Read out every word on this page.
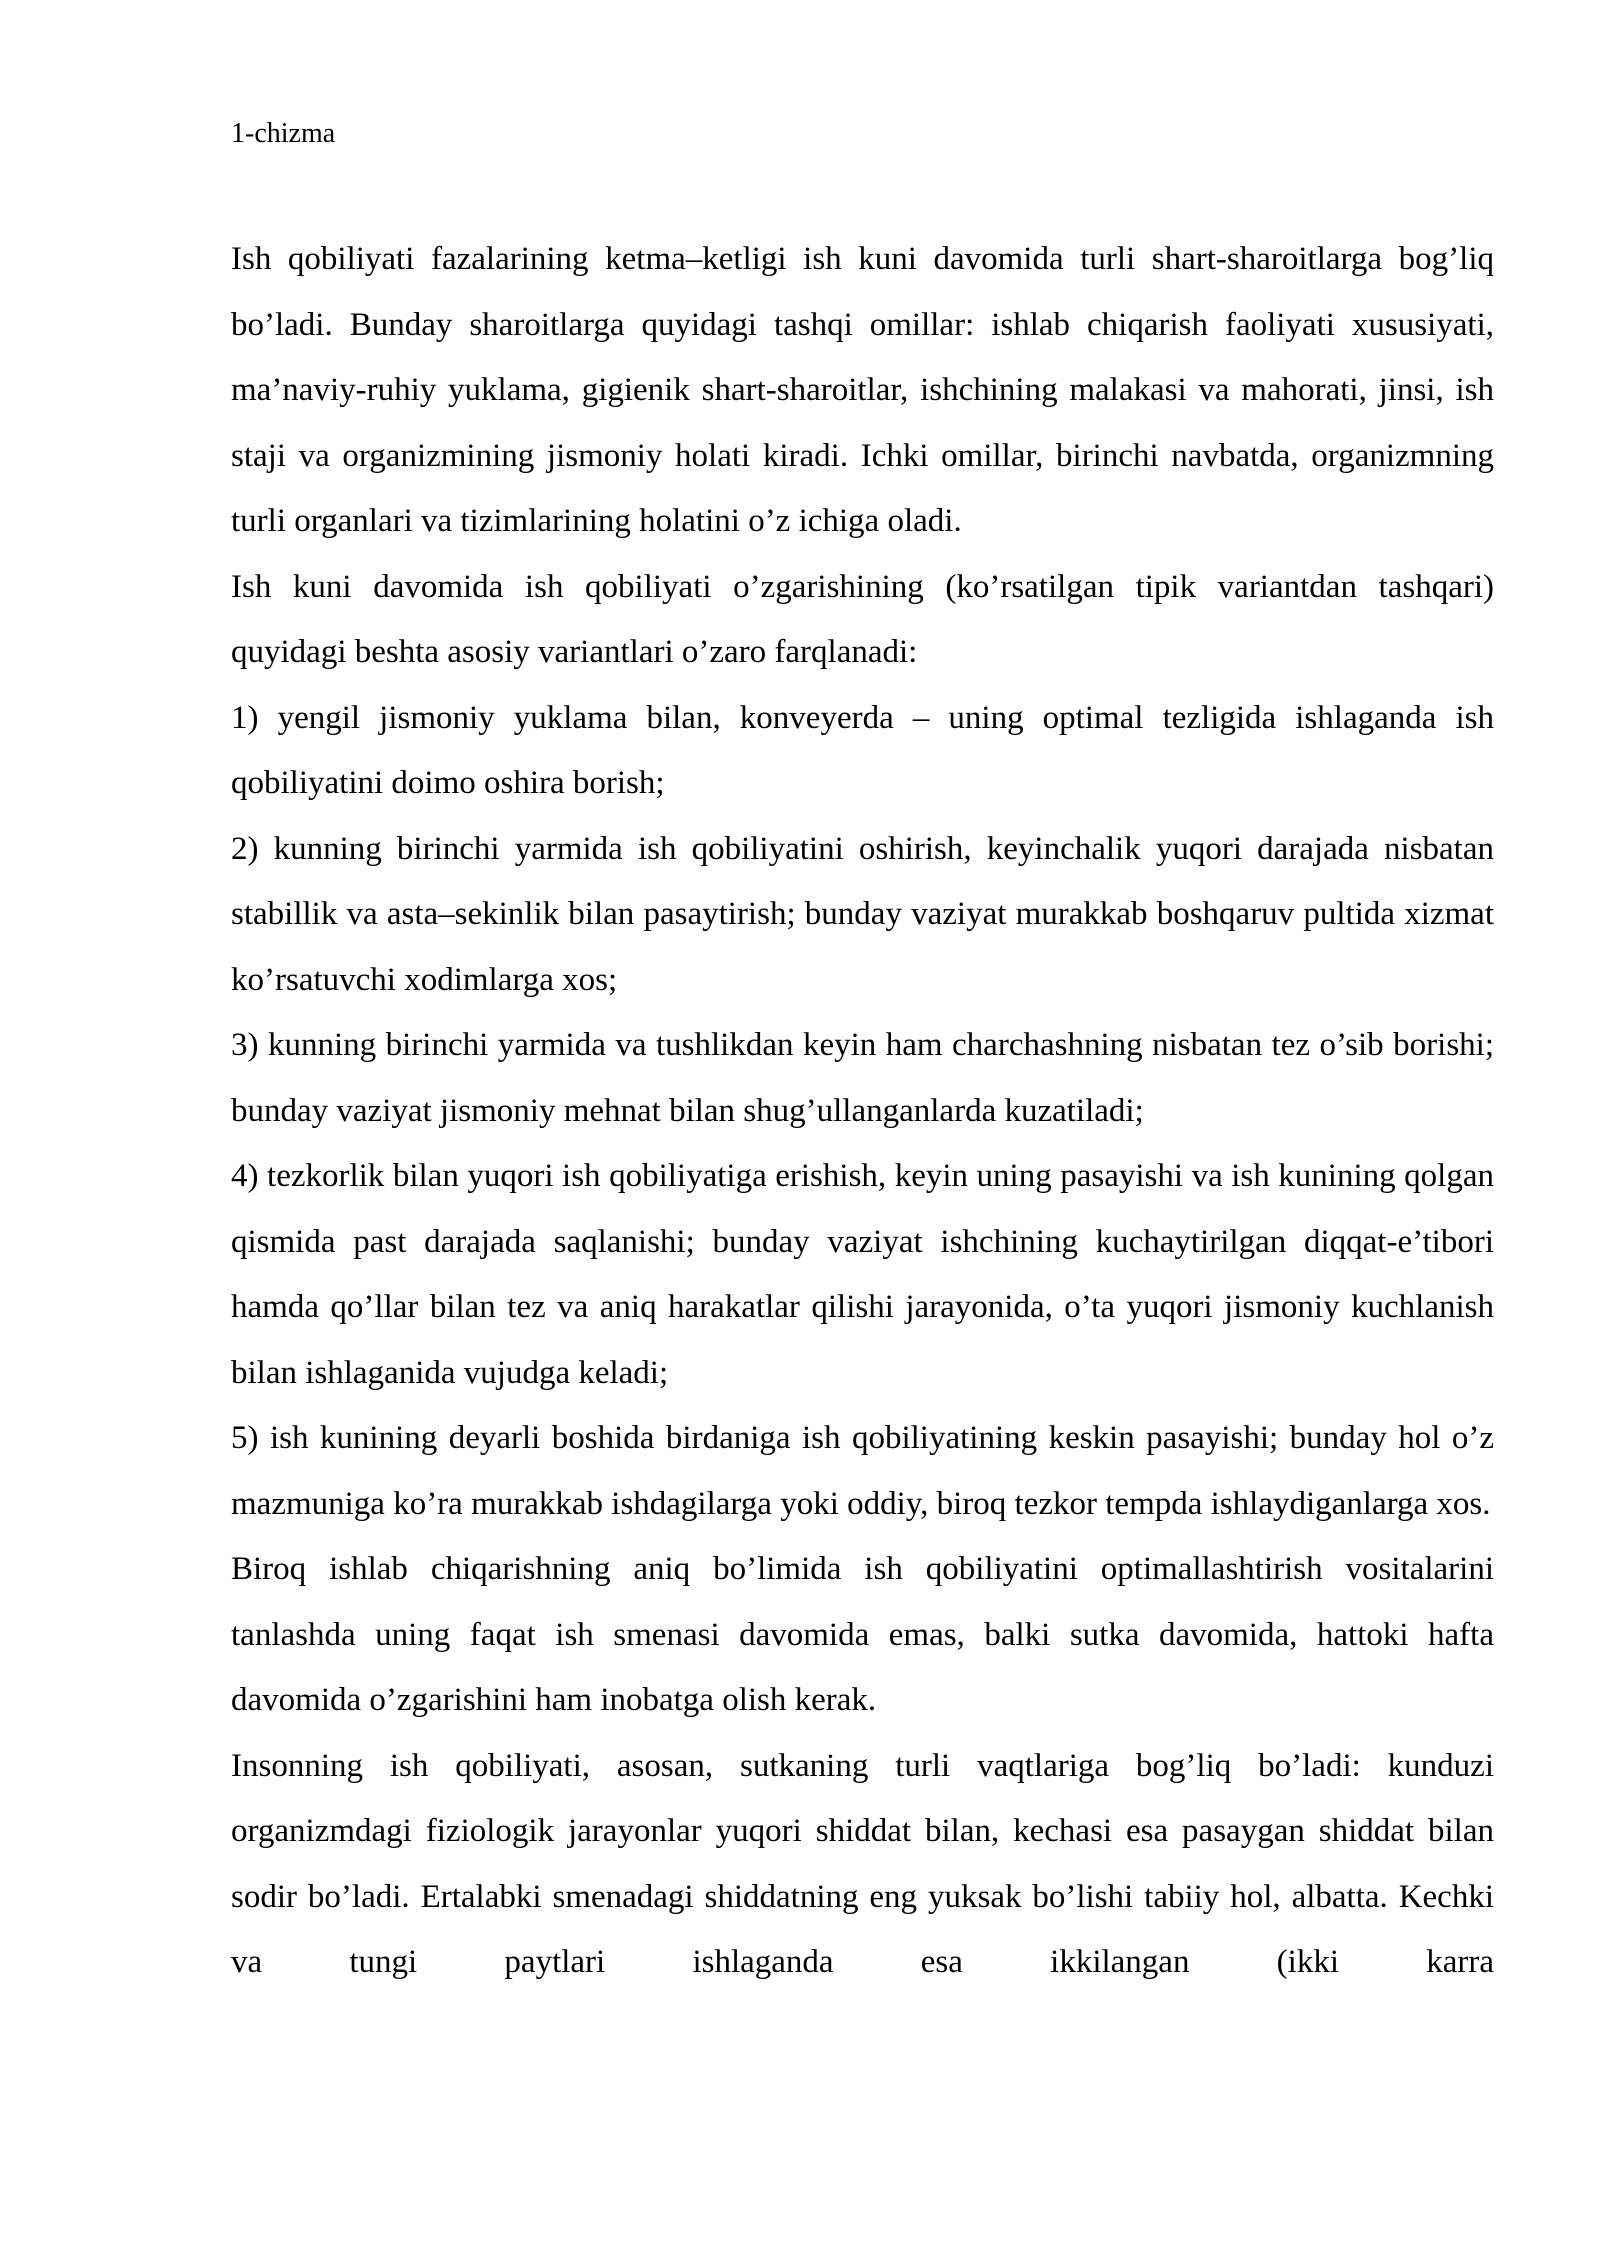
1-chizma

Ish qobiliyati fazalarining ketma–ketligi ish kuni davomida turli shart-sharoitlarga bog’liq bo’ladi. Bunday sharoitlarga quyidagi tashqi omillar: ishlab chiqarish faoliyati xususiyati, ma’naviy-ruhiy yuklama, gigienik shart-sharoitlar, ishchining malakasi va mahorati, jinsi, ish staji va organizmining jismoniy holati kiradi. Ichki omillar, birinchi navbatda, organizmning turli organlari va tizimlarining holatini o’z ichiga oladi.

Ish kuni davomida ish qobiliyati o’zgarishining (ko’rsatilgan tipik variantdan tashqari) quyidagi beshta asosiy variantlari o’zaro farqlanadi:

1) yengil jismoniy yuklama bilan, konveyerda – uning optimal tezligida ishlaganda ish qobiliyatini doimo oshira borish;

2) kunning birinchi yarmida ish qobiliyatini oshirish, keyinchalik yuqori darajada nisbatan stabillik va asta–sekinlik bilan pasaytirish; bunday vaziyat murakkab boshqaruv pultida xizmat ko’rsatuvchi xodimlarga xos;

3) kunning birinchi yarmida va tushlikdan keyin ham charchashning nisbatan tez o’sib borishi; bunday vaziyat jismoniy mehnat bilan shug’ullanganlarda kuzatiladi;

4) tezkorlik bilan yuqori ish qobiliyatiga erishish, keyin uning pasayishi va ish kunining qolgan qismida past darajada saqlanishi; bunday vaziyat ishchining kuchaytirilgan diqqat-e’tibori hamda qo’llar bilan tez va aniq harakatlar qilishi jarayonida, o’ta yuqori jismoniy kuchlanish bilan ishlaganida vujudga keladi;

5) ish kunining deyarli boshida birdaniga ish qobiliyatining keskin pasayishi; bunday hol o’z mazmuniga ko’ra murakkab ishdagilarga yoki oddiy, biroq tezkor tempda ishlaydiganlarga xos.

Biroq ishlab chiqarishning aniq bo’limida ish qobiliyatini optimallashtirish vositalarini tanlashda uning faqat ish smenasi davomida emas, balki sutka davomida, hattoki hafta davomida o’zgarishini ham inobatga olish kerak.

Insonning ish qobiliyati, asosan, sutkaning turli vaqtlariga bog’liq bo’ladi: kunduzi organizmdagi fiziologik jarayonlar yuqori shiddat bilan, kechasi esa pasaygan shiddat bilan sodir bo’ladi. Ertalabki smenadagi shiddatning eng yuksak bo’lishi tabiiy hol, albatta. Kechki va tungi paytlari ishlaganda esa ikkilangan (ikki karra
